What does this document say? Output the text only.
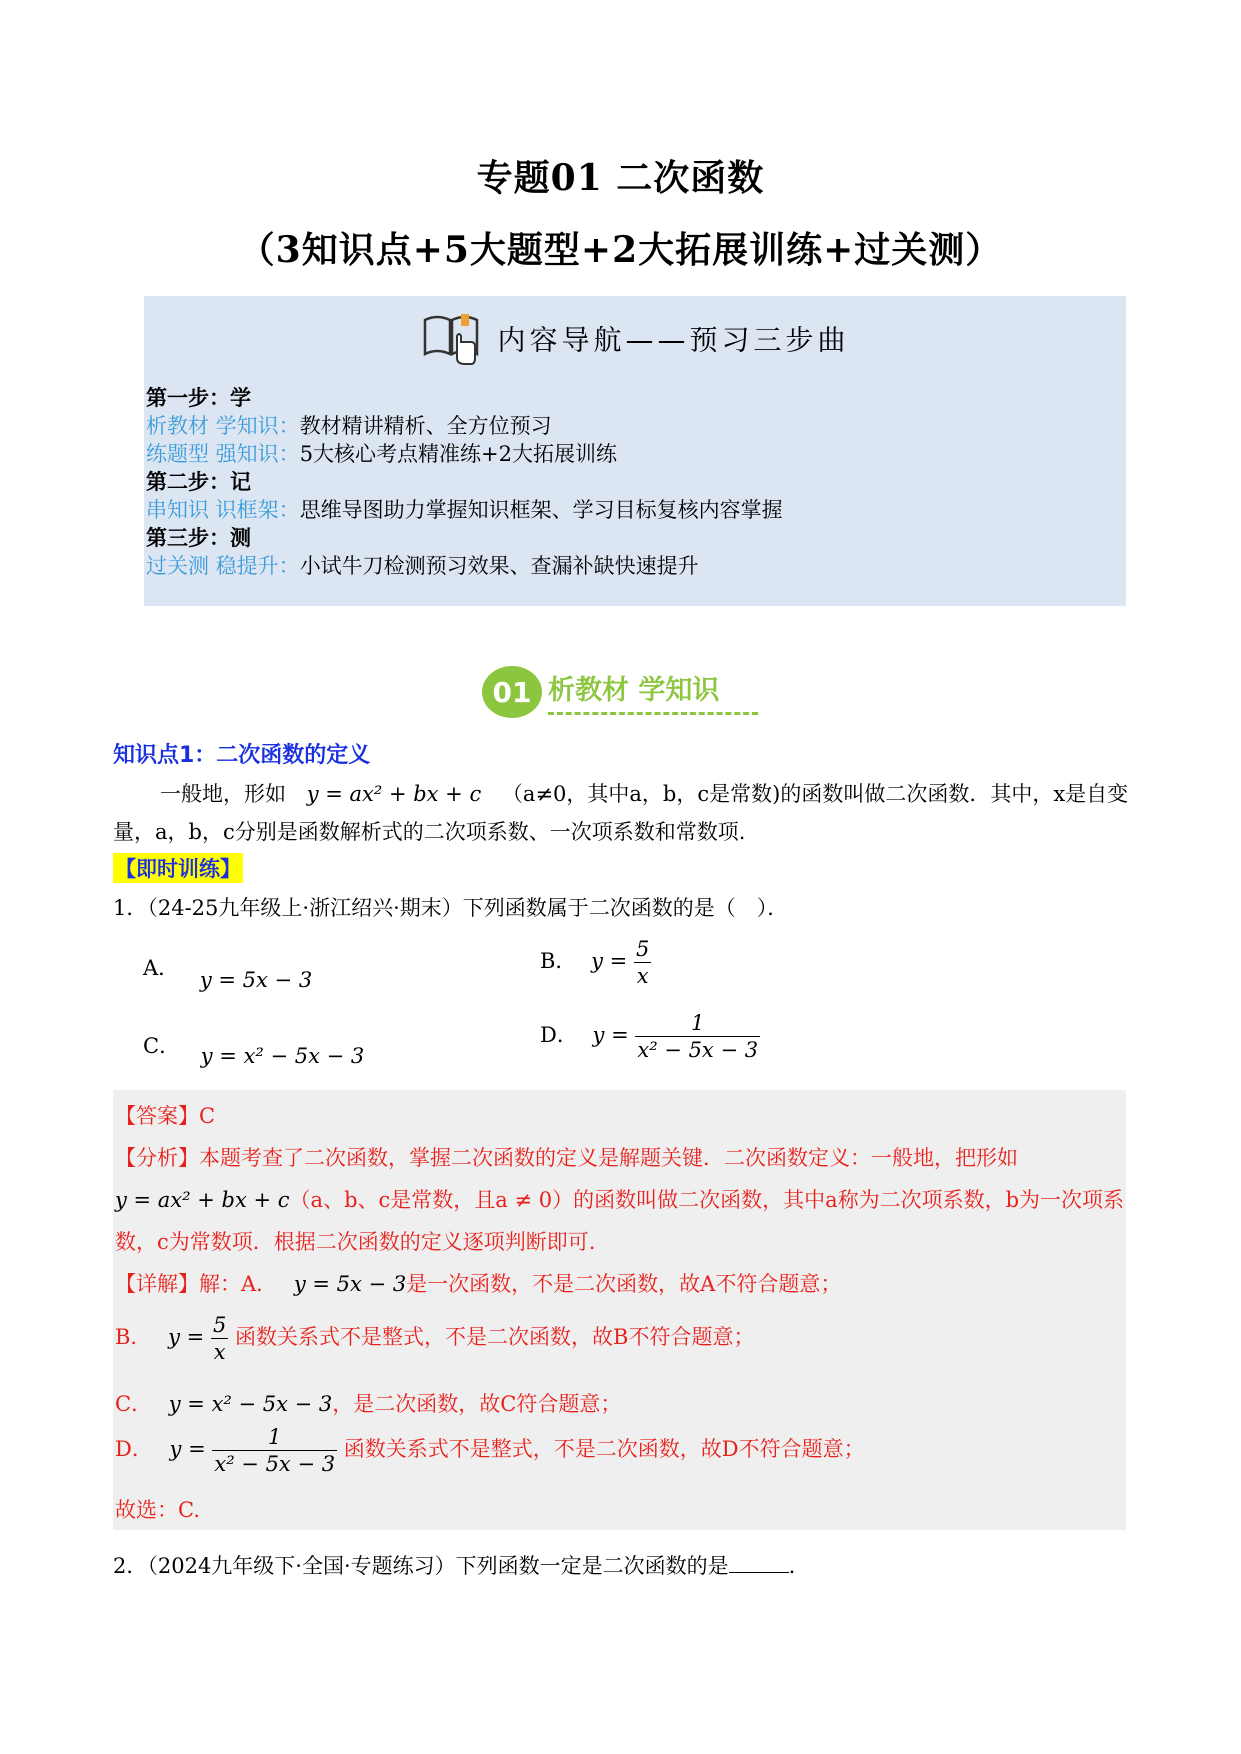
专题01 二次函数
（3知识点+5大题型+2大拓展训练+过关测）
内容导航——预习三步曲
第一步：学
析教材 学知识：教材精讲精析、全方位预习
练题型 强知识：5大核心考点精准练+2大拓展训练
第二步：记
串知识 识框架：思维导图助力掌握知识框架、学习目标复核内容掌握
第三步：测
过关测 稳提升：小试牛刀检测预习效果、查漏补缺快速提升
01 析教材 学知识
知识点1：二次函数的定义
一般地，形如 y = ax² + bx + c （a≠0，其中a，b，c是常数)的函数叫做二次函数．其中，x是自变
量，a，b，c分别是函数解析式的二次项系数、一次项系数和常数项.
【即时训练】
1．（24-25九年级上·浙江绍兴·期末）下列函数属于二次函数的是（　）．
A． y = 5x − 3
B． $y = \frac{5}{x}$
C． y = x² − 5x − 3
D． $y = \frac{1}{\text{x² − 5x − 3}}$
【答案】C
【分析】本题考查了二次函数，掌握二次函数的定义是解题关键．二次函数定义：一般地，把形如
y = ax² + bx + c（a、b、c是常数，且a ≠ 0）的函数叫做二次函数，其中a称为二次项系数，b为一次项系
数，c为常数项．根据二次函数的定义逐项判断即可.
【详解】解：A． y = 5x − 3是一次函数，不是二次函数，故A不符合题意；
B． $y = \frac{5}{x}$ 函数关系式不是整式，不是二次函数，故B不符合题意；
C． y = x² − 5x − 3，是二次函数，故C符合题意；
D． $y = \frac{1}{\text{x² − 5x − 3}}$ 函数关系式不是整式，不是二次函数，故D不符合题意；
故选：C.
2．（2024九年级下·全国·专题练习）下列函数一定是二次函数的是	.
